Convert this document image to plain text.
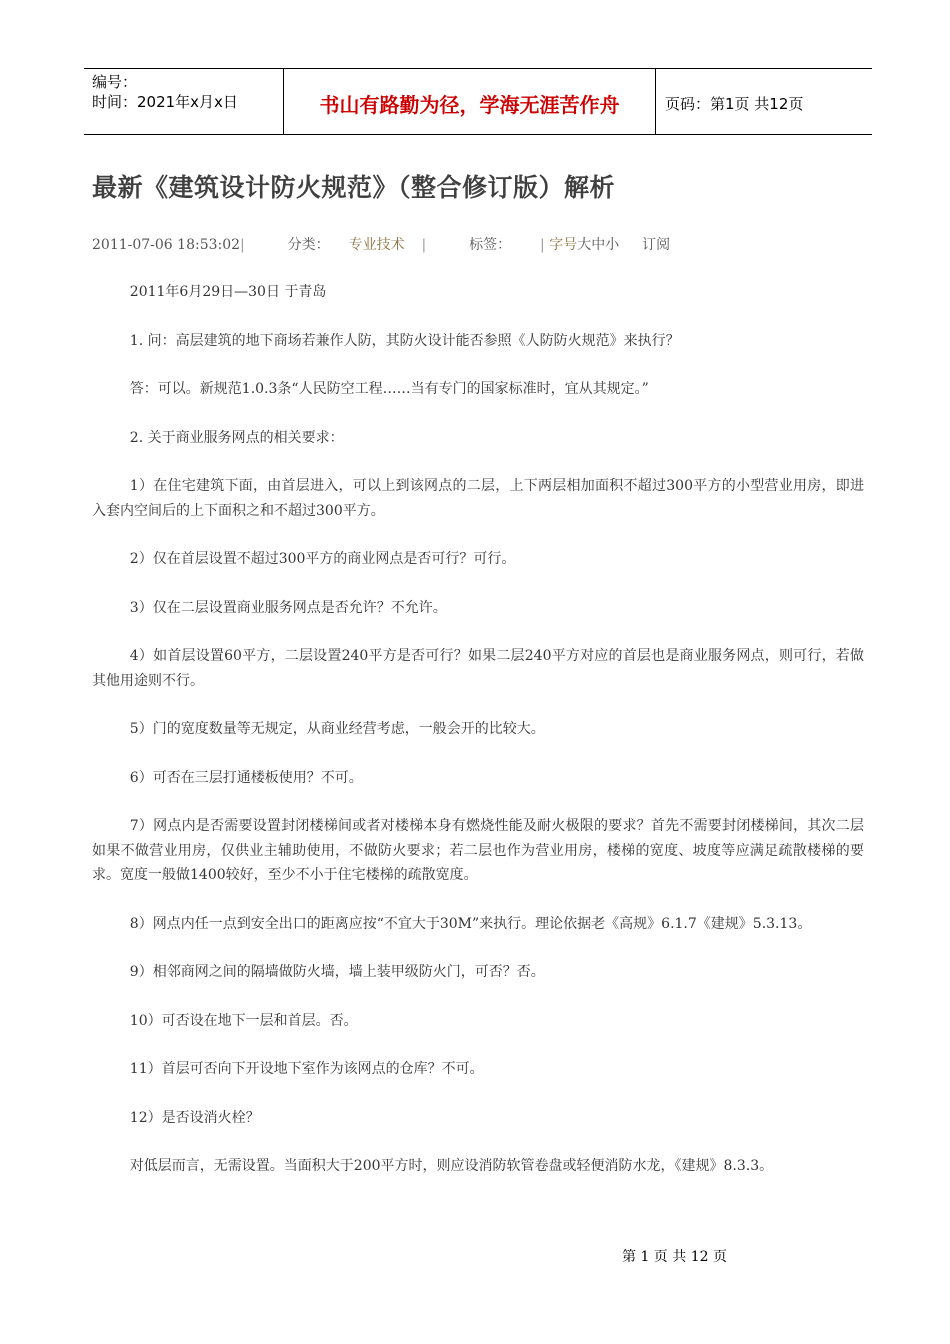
编号：
时间：2021年x月x日	书山有路勤为径，学海无涯苦作舟	页码：第1页 共12页
最新《建筑设计防火规范》（整合修订版）解析
2011-07-06 18:53:02|	分类： 专业技术 |	标签： | 字号大中小 订阅

2011年6月29日—30日 于青岛

1. 问：高层建筑的地下商场若兼作人防，其防火设计能否参照《人防防火规范》来执行？

答：可以。新规范1.0.3条“人民防空工程……当有专门的国家标准时，宜从其规定。”

2. 关于商业服务网点的相关要求：

1）在住宅建筑下面，由首层进入，可以上到该网点的二层，上下两层相加面积不超过300平方的小型营业用房，即进入套内空间后的上下面积之和不超过300平方。

2）仅在首层设置不超过300平方的商业网点是否可行？可行。

3）仅在二层设置商业服务网点是否允许？不允许。

4）如首层设置60平方，二层设置240平方是否可行？如果二层240平方对应的首层也是商业服务网点，则可行，若做其他用途则不行。

5）门的宽度数量等无规定，从商业经营考虑，一般会开的比较大。

6）可否在三层打通楼板使用？不可。

7）网点内是否需要设置封闭楼梯间或者对楼梯本身有燃烧性能及耐火极限的要求？首先不需要封闭楼梯间，其次二层如果不做营业用房，仅供业主辅助使用，不做防火要求；若二层也作为营业用房，楼梯的宽度、坡度等应满足疏散楼梯的要求。宽度一般做1400较好，至少不小于住宅楼梯的疏散宽度。

8）网点内任一点到安全出口的距离应按“不宜大于30M”来执行。理论依据老《高规》6.1.7《建规》5.3.13。

9）相邻商网之间的隔墙做防火墙，墙上装甲级防火门，可否？否。

10）可否设在地下一层和首层。否。

11）首层可否向下开设地下室作为该网点的仓库？不可。

12）是否设消火栓？

对低层而言，无需设置。当面积大于200平方时，则应设消防软管卷盘或轻便消防水龙，《建规》8.3.3。

第 1 页 共 12 页
